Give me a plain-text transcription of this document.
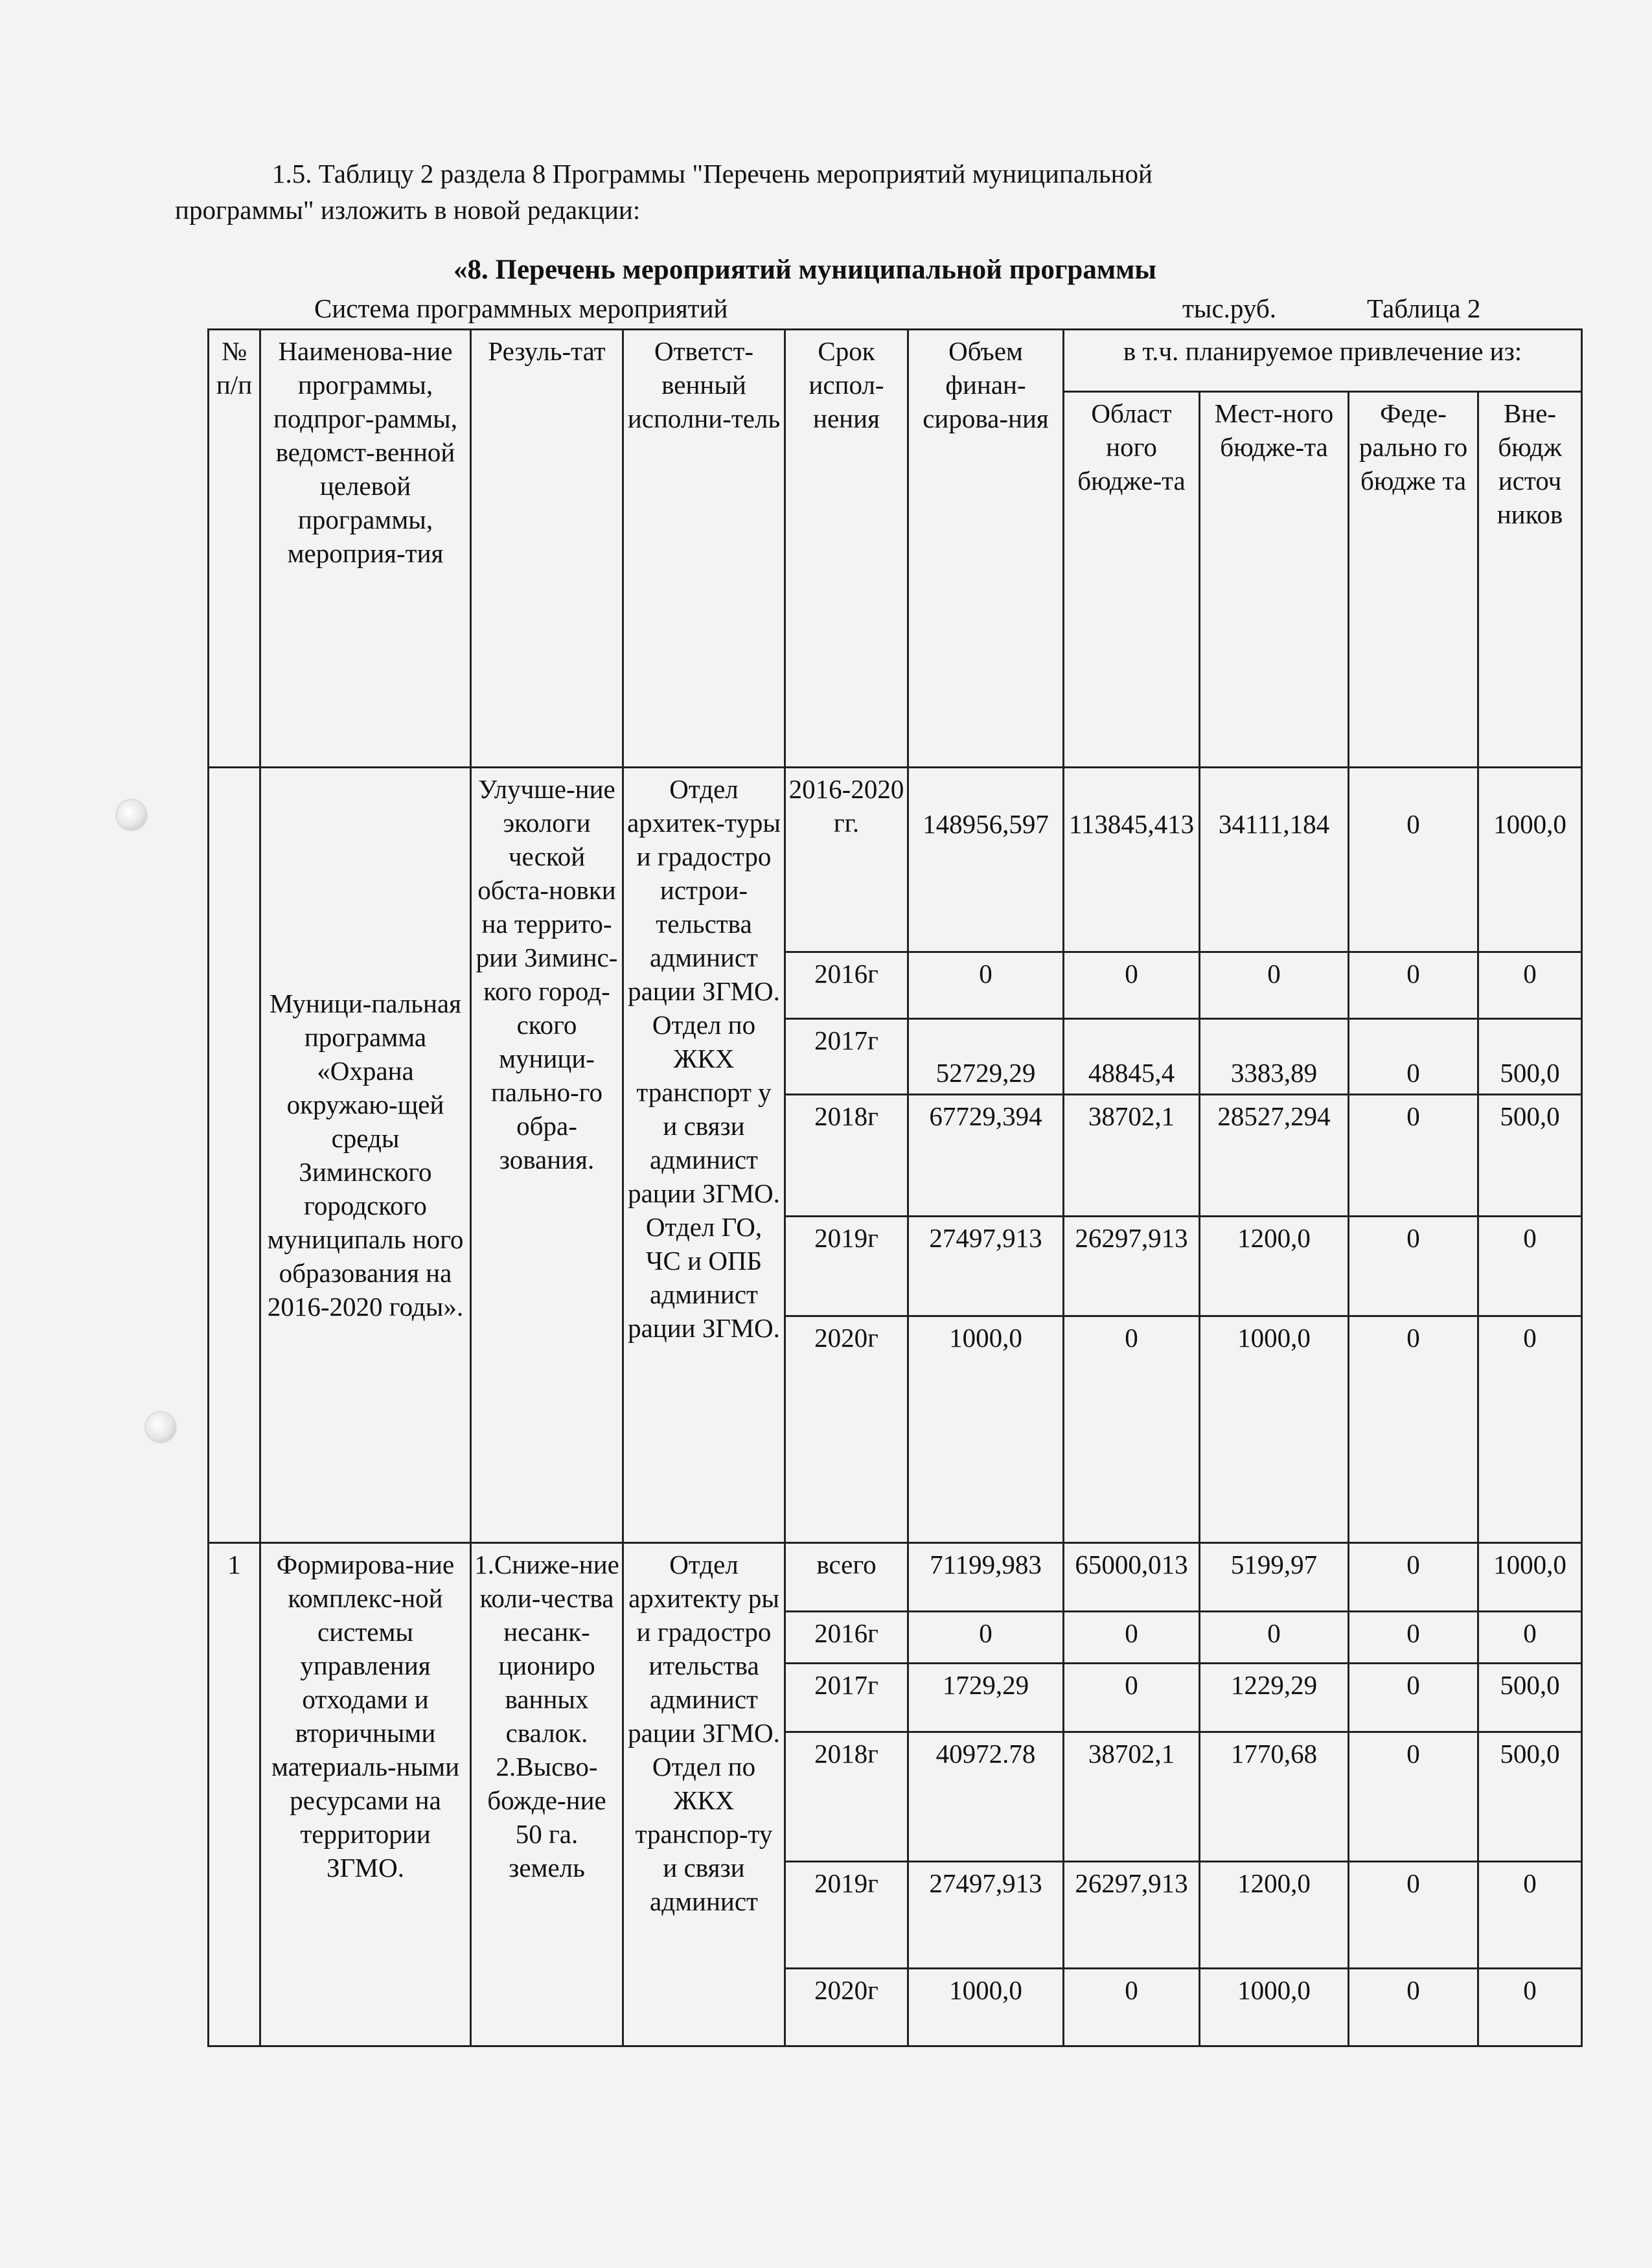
1.5. Таблицу 2 раздела 8 Программы "Перечень мероприятий муниципальной
программы" изложить в новой редакции:
«8. Перечень мероприятий муниципальной программы
Система программных мероприятий	тыс.руб.	Таблица 2
№ п/п	Наименова-ние программы, подпрог-раммы, ведомст-венной целевой программы, мероприя-тия	Резуль-тат	Ответст-венный исполни-тель	Срок испол-нения	Объем финан-сирова-ния	в т.ч. планируемое привлечение из:			
						Област ного бюдже-та	Мест-ного бюдже-та	Феде-рально го бюдже та	Вне-бюдж источ ников
	Муници-пальная программа «Охрана окружаю-щей среды Зиминского городского муниципаль ного образования на 2016-2020 годы».	Улучше-ние экологи ческой обста-новки на террито-рии Зиминс-кого город-ского муници-пально-го обра-зования.	Отдел архитек-туры и градостро истрои-тельства админист рации ЗГМО. Отдел по ЖКХ транспорт у и связи админист рации ЗГМО. Отдел ГО, ЧС и ОПБ админист рации ЗГМО.	2016-2020 гг.	148956,597	113845,413	34111,184	0	1000,0
				2016г	0	0	0	0	0
				2017г	52729,29	48845,4	3383,89	0	500,0
				2018г	67729,394	38702,1	28527,294	0	500,0
				2019г	27497,913	26297,913	1200,0	0	0
				2020г	1000,0	0	1000,0	0	0
1	Формирова-ние комплекс-ной системы управления отходами и вторичными материаль-ными ресурсами на территории ЗГМО.	1.Сниже-ние коли-чества несанк-циониро ванных свалок. 2.Высво-божде-ние 50 га. земель	Отдел архитекту ры и градостро ительства админист рации ЗГМО. Отдел по ЖКХ транспор-ту и связи админист	всего	71199,983	65000,013	5199,97	0	1000,0
				2016г	0	0	0	0	0
				2017г	1729,29	0	1229,29	0	500,0
				2018г	40972.78	38702,1	1770,68	0	500,0
				2019г	27497,913	26297,913	1200,0	0	0
				2020г	1000,0	0	1000,0	0	0
